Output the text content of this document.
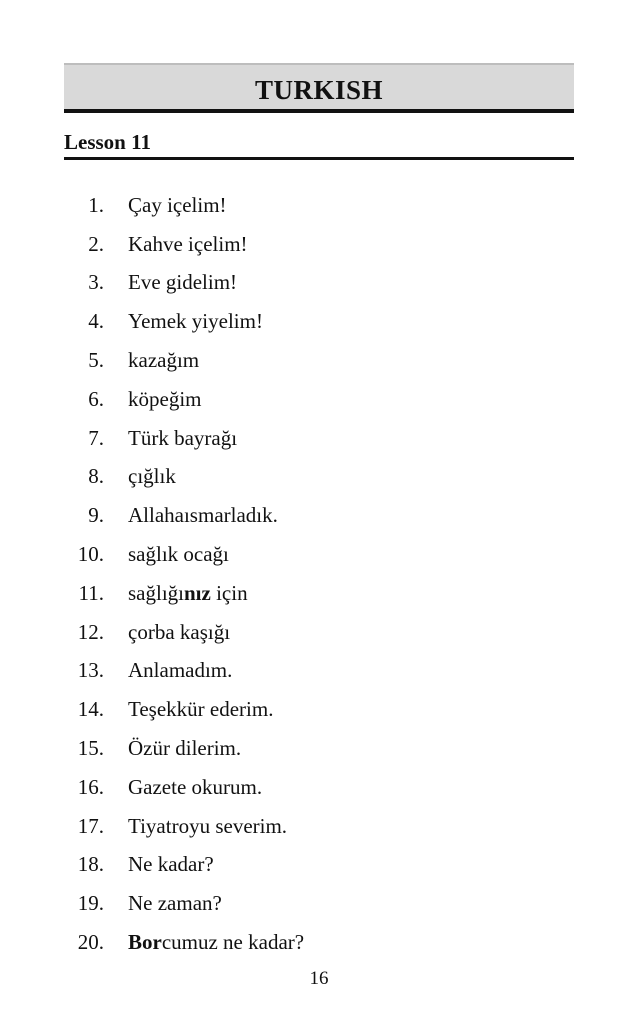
TURKISH
Lesson 11
1. Çay içelim!
2. Kahve içelim!
3. Eve gidelim!
4. Yemek yiyelim!
5. kazağım
6. köpeğim
7. Türk bayrağı
8. çığlık
9. Allahaısmarladık.
10. sağlık ocağı
11. sağlığınız için
12. çorba kaşığı
13. Anlamadım.
14. Teşekkür ederim.
15. Özür dilerim.
16. Gazete okurum.
17. Tiyatroyu severim.
18. Ne kadar?
19. Ne zaman?
20. Borcumuz ne kadar?
16
